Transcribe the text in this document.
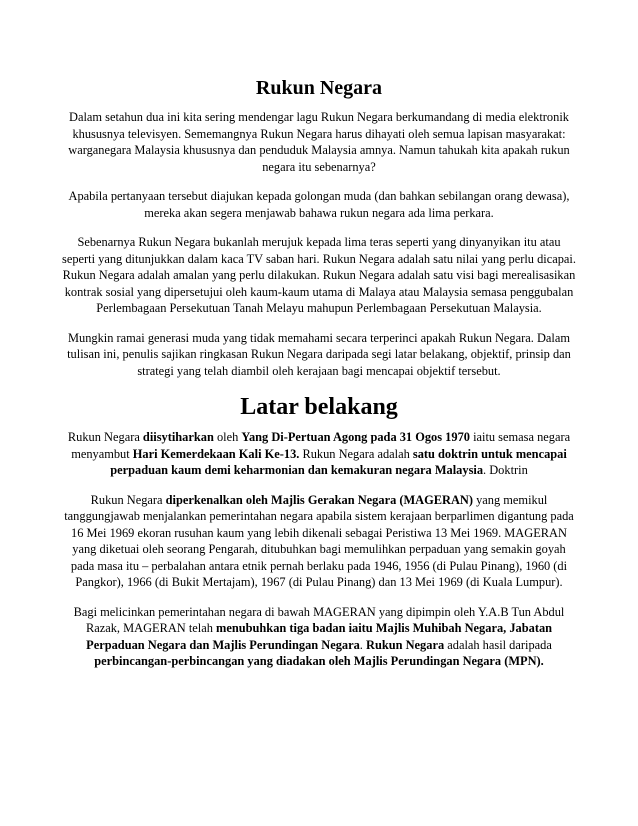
Rukun Negara

Dalam setahun dua ini kita sering mendengar lagu Rukun Negara berkumandang di media elektronik khususnya televisyen. Sememangnya Rukun Negara harus dihayati oleh semua lapisan masyarakat: warganegara Malaysia khususnya dan penduduk Malaysia amnya. Namun tahukah kita apakah rukun negara itu sebenarnya?

Apabila pertanyaan tersebut diajukan kepada golongan muda (dan bahkan sebilangan orang dewasa), mereka akan segera menjawab bahawa rukun negara ada lima perkara.

Sebenarnya Rukun Negara bukanlah merujuk kepada lima teras seperti yang dinyanyikan itu atau seperti yang ditunjukkan dalam kaca TV saban hari. Rukun Negara adalah satu nilai yang perlu dicapai. Rukun Negara adalah amalan yang perlu dilakukan. Rukun Negara adalah satu visi bagi merealisasikan kontrak sosial yang dipersetujui oleh kaum-kaum utama di Malaya atau Malaysia semasa penggubalan Perlembagaan Persekutuan Tanah Melayu mahupun Perlembagaan Persekutuan Malaysia.

Mungkin ramai generasi muda yang tidak memahami secara terperinci apakah Rukun Negara. Dalam tulisan ini, penulis sajikan ringkasan Rukun Negara daripada segi latar belakang, objektif, prinsip dan strategi yang telah diambil oleh kerajaan bagi mencapai objektif tersebut.

Latar belakang

Rukun Negara diisytiharkan oleh Yang Di-Pertuan Agong pada 31 Ogos 1970 iaitu semasa negara menyambut Hari Kemerdekaan Kali Ke-13. Rukun Negara adalah satu doktrin untuk mencapai perpaduan kaum demi keharmonian dan kemakuran negara Malaysia. Doktrin

Rukun Negara diperkenalkan oleh Majlis Gerakan Negara (MAGERAN) yang memikul tanggungjawab menjalankan pemerintahan negara apabila sistem kerajaan berparlimen digantung pada 16 Mei 1969 ekoran rusuhan kaum yang lebih dikenali sebagai Peristiwa 13 Mei 1969. MAGERAN yang diketuai oleh seorang Pengarah, ditubuhkan bagi memulihkan perpaduan yang semakin goyah pada masa itu – perbalahan antara etnik pernah berlaku pada 1946, 1956 (di Pulau Pinang), 1960 (di Pangkor), 1966 (di Bukit Mertajam), 1967 (di Pulau Pinang) dan 13 Mei 1969 (di Kuala Lumpur).

Bagi melicinkan pemerintahan negara di bawah MAGERAN yang dipimpin oleh Y.A.B Tun Abdul Razak, MAGERAN telah menubuhkan tiga badan iaitu Majlis Muhibah Negara, Jabatan Perpaduan Negara dan Majlis Perundingan Negara. Rukun Negara adalah hasil daripada perbincangan-perbincangan yang diadakan oleh Majlis Perundingan Negara (MPN).
